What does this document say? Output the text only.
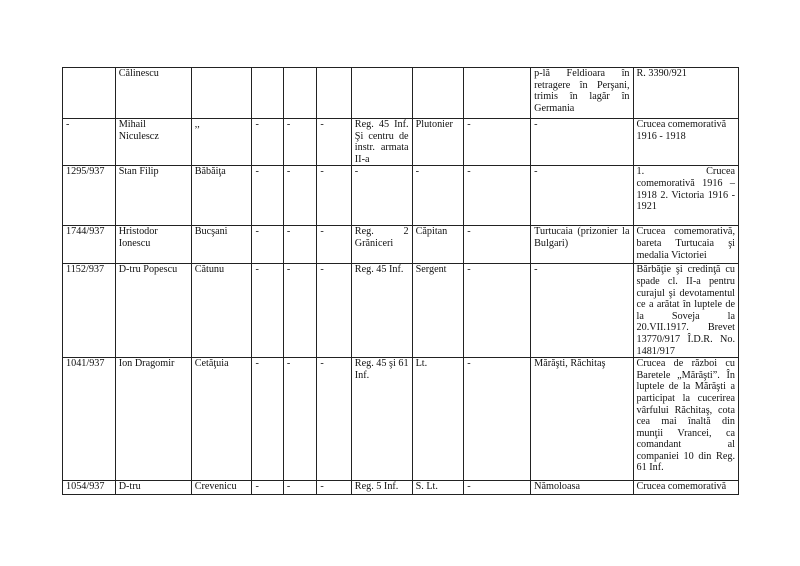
	Călinescu								p-lă Feldioara în retragere în Perşani, trimis în lagăr în Germania	R. 3390/921
-	Mihail Niculescz	,,	-	-	-	Reg. 45 Inf. Şi centru de instr. armata II-a	Plutonier	-	-	Crucea comemorativă 1916 - 1918
1295/937	Stan Filip	Băbăiţa	-	-	-	-	-	-	-	1. Crucea comemorativă 1916 – 1918 2. Victoria 1916 - 1921
1744/937	Hristodor Ionescu	Bucşani	-	-	-	Reg. 2 Grăniceri	Căpitan	-	Turtucaia (prizonier la Bulgari)	Crucea comemorativă, bareta Turtucaia şi medalia Victoriei
1152/937	D-tru Popescu	Cătunu	-	-	-	Reg. 45 Inf.	Sergent	-	-	Bărbăţie şi credinţă cu spade cl. II-a pentru curajul şi devotamentul ce a arătat în luptele de la Soveja la 20.VII.1917. Brevet 13770/917 Î.D.R. No. 1481/917
1041/937	Ion Dragomir	Cetăţuia	-	-	-	Reg. 45 şi 61 Inf.	Lt.	-	Mărăşti, Răchitaş	Crucea de război cu Baretele „Mărăşti”. În luptele de la Mărăşti a participat la cucerirea vârfului Răchitaş, cota cea mai înaltă din munţii Vrancei, ca comandant al companiei 10 din Reg. 61 Inf.
1054/937	D-tru	Crevenicu	-	-	-	Reg. 5 Inf.	S. Lt.	-	Nămoloasa	Crucea comemorativă
